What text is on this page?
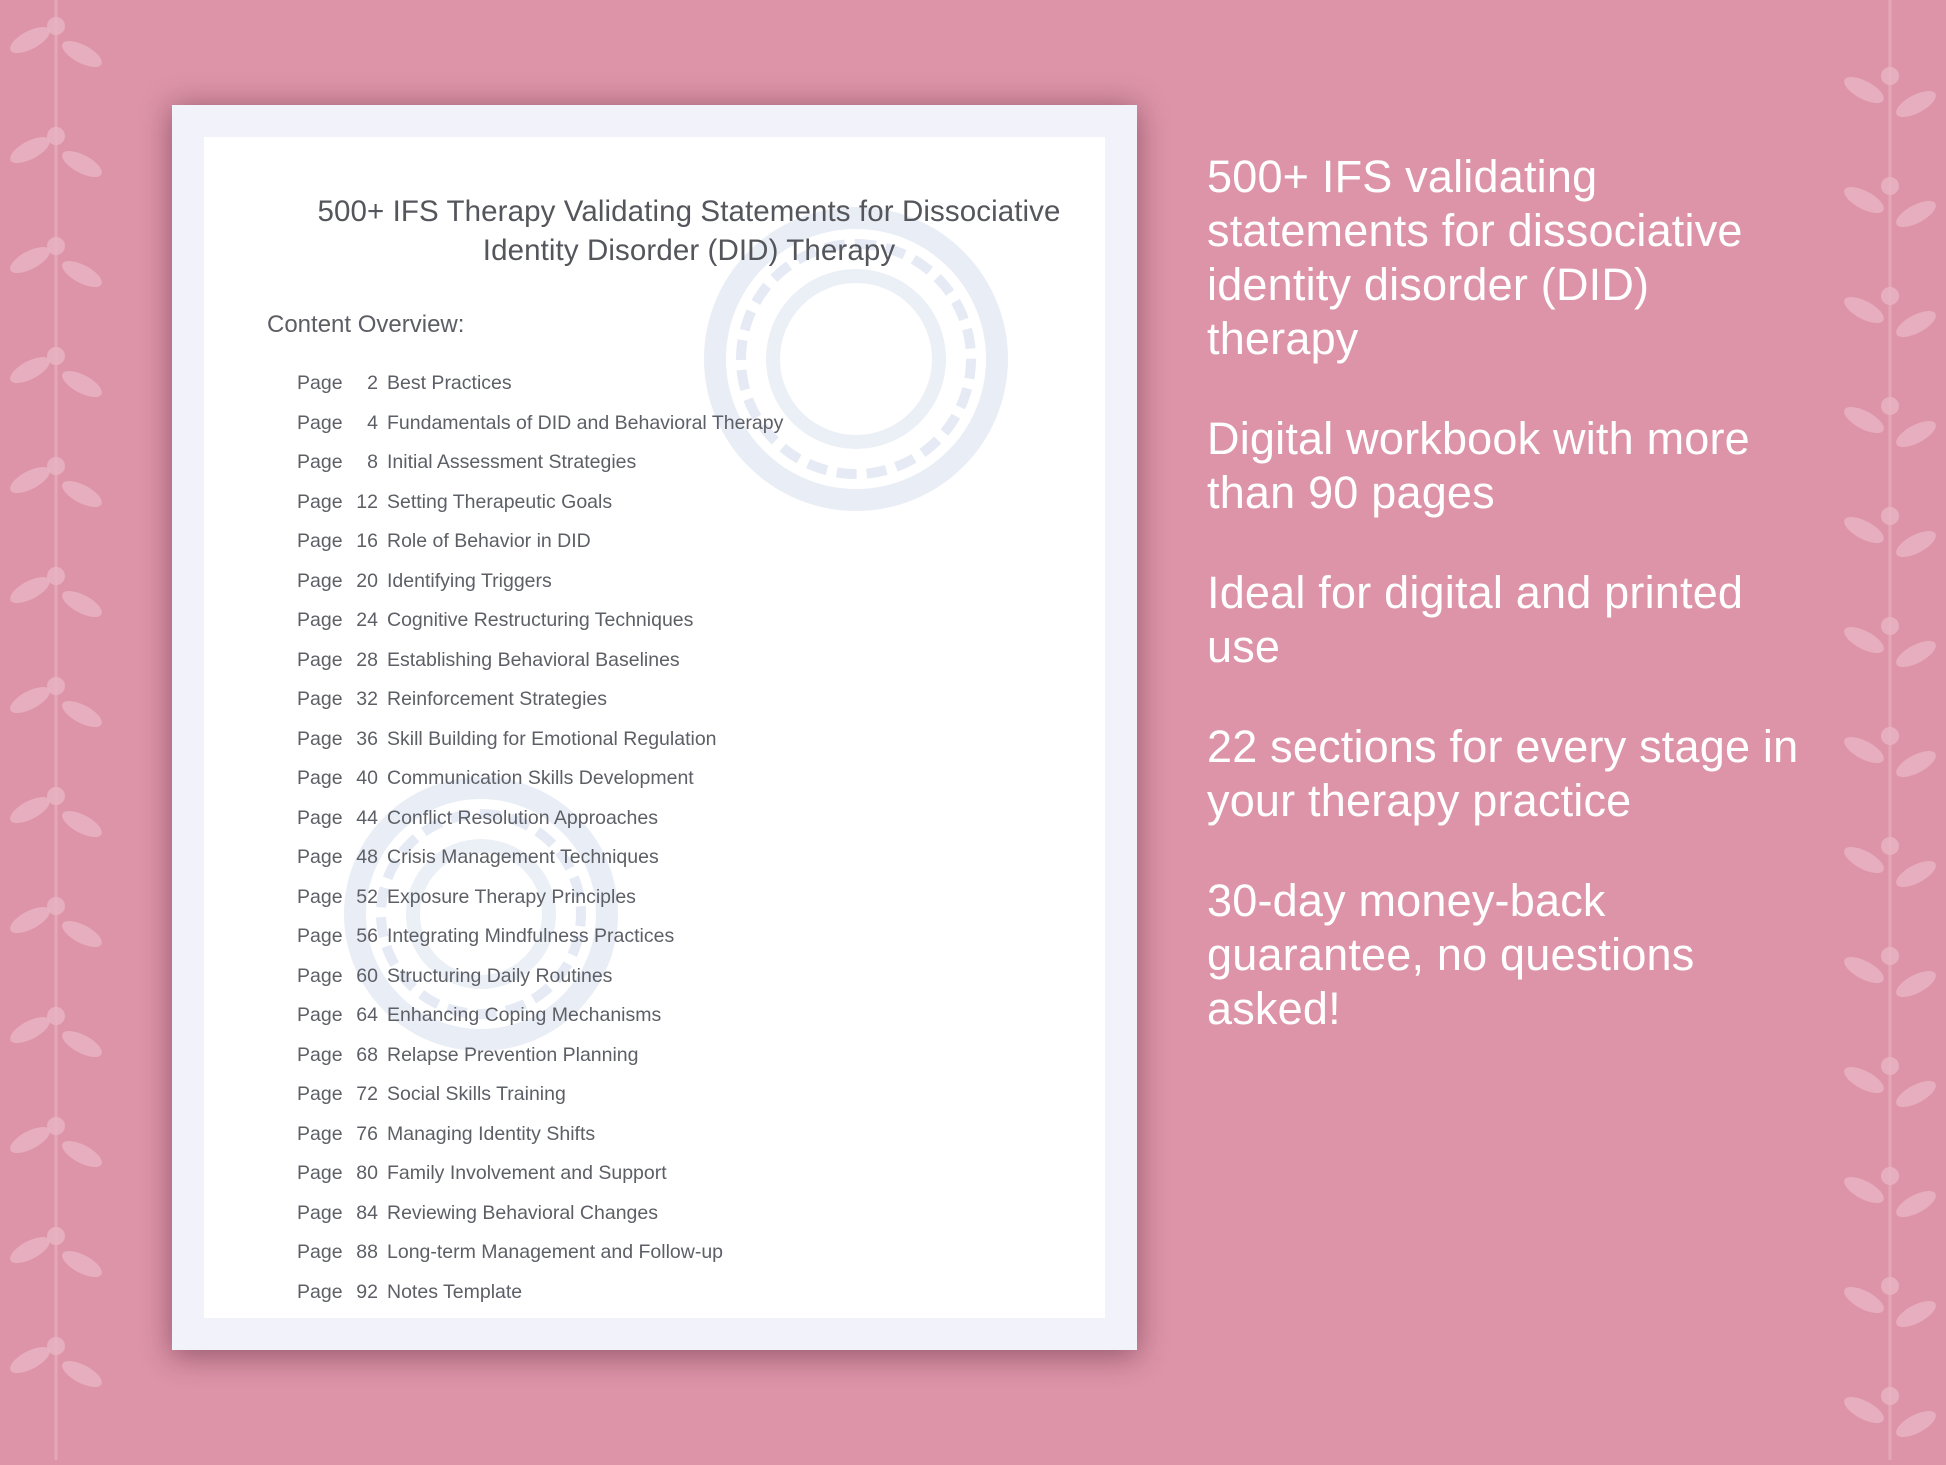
500+ IFS Therapy Validating Statements for Dissociative Identity Disorder (DID) Therapy
Content Overview:
Page 2 Best Practices
Page 4 Fundamentals of DID and Behavioral Therapy
Page 8 Initial Assessment Strategies
Page 12 Setting Therapeutic Goals
Page 16 Role of Behavior in DID
Page 20 Identifying Triggers
Page 24 Cognitive Restructuring Techniques
Page 28 Establishing Behavioral Baselines
Page 32 Reinforcement Strategies
Page 36 Skill Building for Emotional Regulation
Page 40 Communication Skills Development
Page 44 Conflict Resolution Approaches
Page 48 Crisis Management Techniques
Page 52 Exposure Therapy Principles
Page 56 Integrating Mindfulness Practices
Page 60 Structuring Daily Routines
Page 64 Enhancing Coping Mechanisms
Page 68 Relapse Prevention Planning
Page 72 Social Skills Training
Page 76 Managing Identity Shifts
Page 80 Family Involvement and Support
Page 84 Reviewing Behavioral Changes
Page 88 Long-term Management and Follow-up
Page 92 Notes Template
500+ IFS validating statements for dissociative identity disorder (DID) therapy
Digital workbook with more than 90 pages
Ideal for digital and printed use
22 sections for every stage in your therapy practice
30-day money-back guarantee, no questions asked!
